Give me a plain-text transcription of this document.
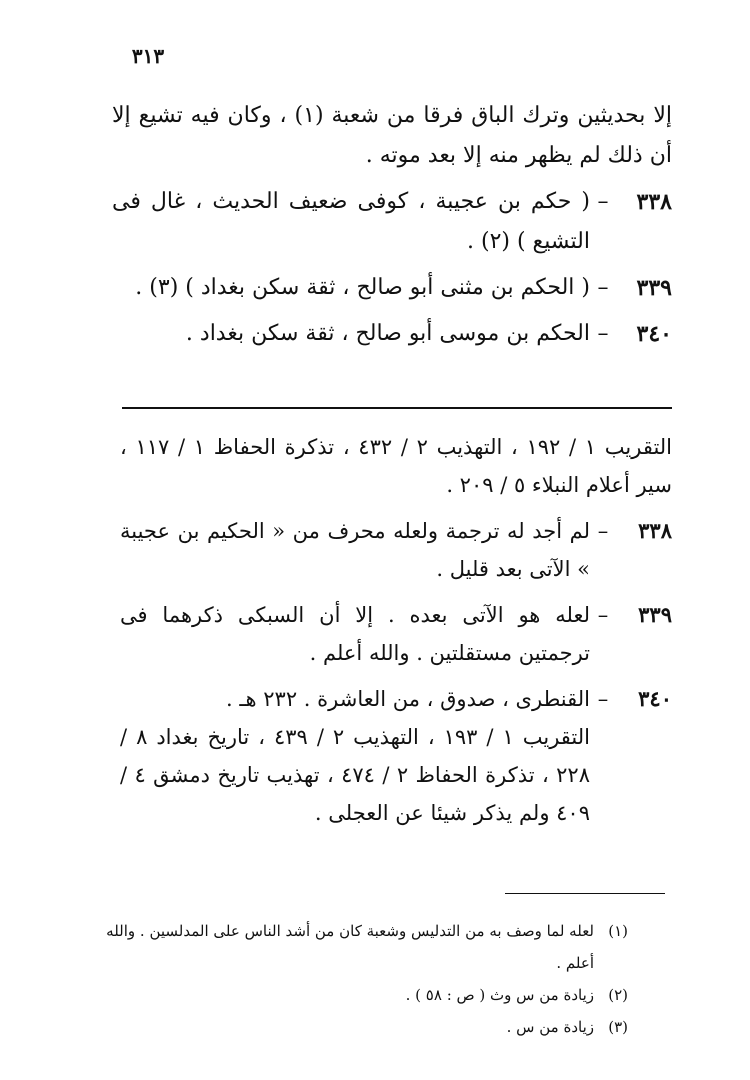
٣١٣
إلا بحديثين وترك الباق فرقا من شعبة (١) ، وكان فيه تشيع إلا أن ذلك لم يظهر منه إلا بعد موته .
٣٣٨
–
( حكم بن عجيبة ، كوفى ضعيف الحديث ، غال فى التشيع ) (٢) .
٣٣٩
–
( الحكم بن مثنى أبو صالح ، ثقة سكن بغداد ) (٣) .
٣٤٠
–
الحكم بن موسى أبو صالح ، ثقة سكن بغداد .
التقريب ١ / ١٩٢ ، التهذيب ٢ / ٤٣٢ ، تذكرة الحفاظ ١ / ١١٧ ، سير أعلام النبلاء ٥ / ٢٠٩ .
٣٣٨
–
لم أجد له ترجمة ولعله محرف من « الحكيم بن عجيبة » الآتى بعد قليل .
٣٣٩
–
لعله هو الآتى بعده . إلا أن السبكى ذكرهما فى ترجمتين مستقلتين . والله أعلم .
٣٤٠
–
القنطرى ، صدوق ، من العاشرة . ٢٣٢ هـ .
التقريب ١ / ١٩٣ ، التهذيب ٢ / ٤٣٩ ، تاريخ بغداد ٨ / ٢٢٨ ، تذكرة الحفاظ ٢ / ٤٧٤ ، تهذيب تاريخ دمشق ٤ / ٤٠٩ ولم يذكر شيئا عن العجلى .
(١)
لعله لما وصف به من التدليس وشعبة كان من أشد الناس على المدلسين . والله أعلم .
(٢)
زيادة من س وث ( ص : ٥٨ ) .
(٣)
زيادة من س .
